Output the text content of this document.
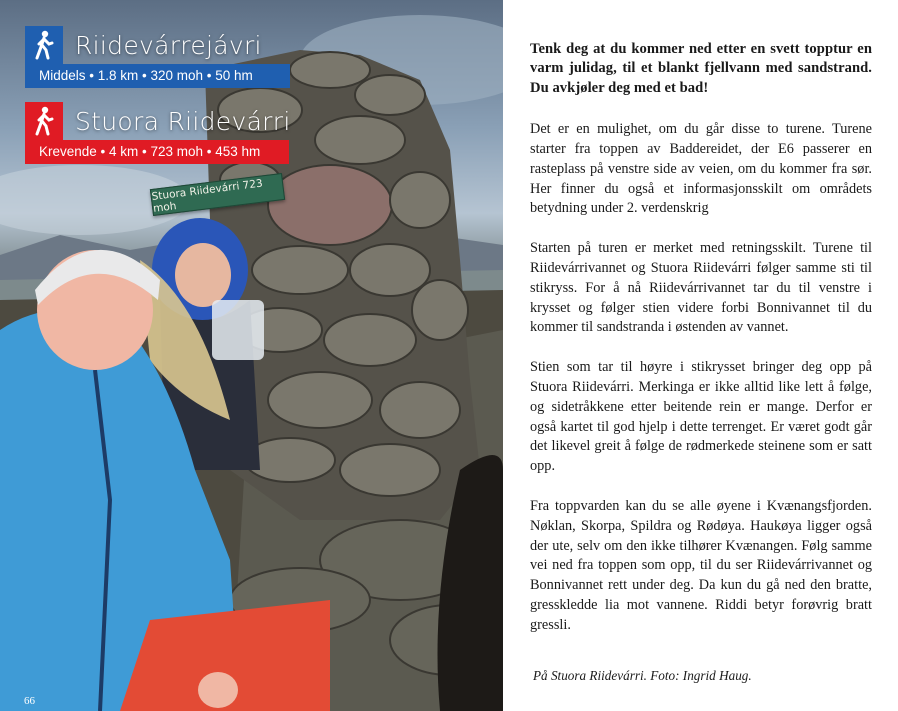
Riidevárrejávri
Middels • 1.8 km • 320 moh • 50 hm
Stuora Riidevárri
Krevende • 4 km • 723 moh • 453 hm
Stuora Riidevárri 723 moh
66

Tenk deg at du kommer ned etter en svett topptur en varm julidag, til et blankt fjellvann med sandstrand. Du avkjøler deg med et bad!

Det er en mulighet, om du går disse to turene. Turene starter fra toppen av Baddereidet, der E6 passerer en rasteplass på venstre side av veien, om du kommer fra sør. Her finner du også et informasjonsskilt om områdets betydning under 2. verdenskrig

Starten på turen er merket med retningsskilt. Turene til Riidevárrivannet og Stuora Riidevárri følger samme sti til stikryss. For å nå Riidevárrivannet tar du til venstre i krysset og følger stien videre forbi Bonnivannet til du kommer til sandstranda i østenden av vannet.

Stien som tar til høyre i stikrysset bringer deg opp på Stuora Riidevárri. Merkinga er ikke alltid like lett å følge, og sidetråkkene etter beitende rein er mange. Derfor er også kartet til god hjelp i dette terrenget. Er været godt går det likevel greit å følge de rødmerkede steinene som er satt opp.

Fra toppvarden kan du se alle øyene i Kvænangsfjorden. Nøklan, Skorpa, Spildra og Rødøya. Haukøya ligger også der ute, selv om den ikke tilhører Kvænangen. Følg samme vei ned fra toppen som opp, til du ser Riidevárrivannet og Bonnivannet rett under deg. Da kun du gå ned den bratte, gresskledde lia mot vannene. Riddi betyr forøvrig bratt gressli.

På Stuora Riidevárri. Foto: Ingrid Haug.
